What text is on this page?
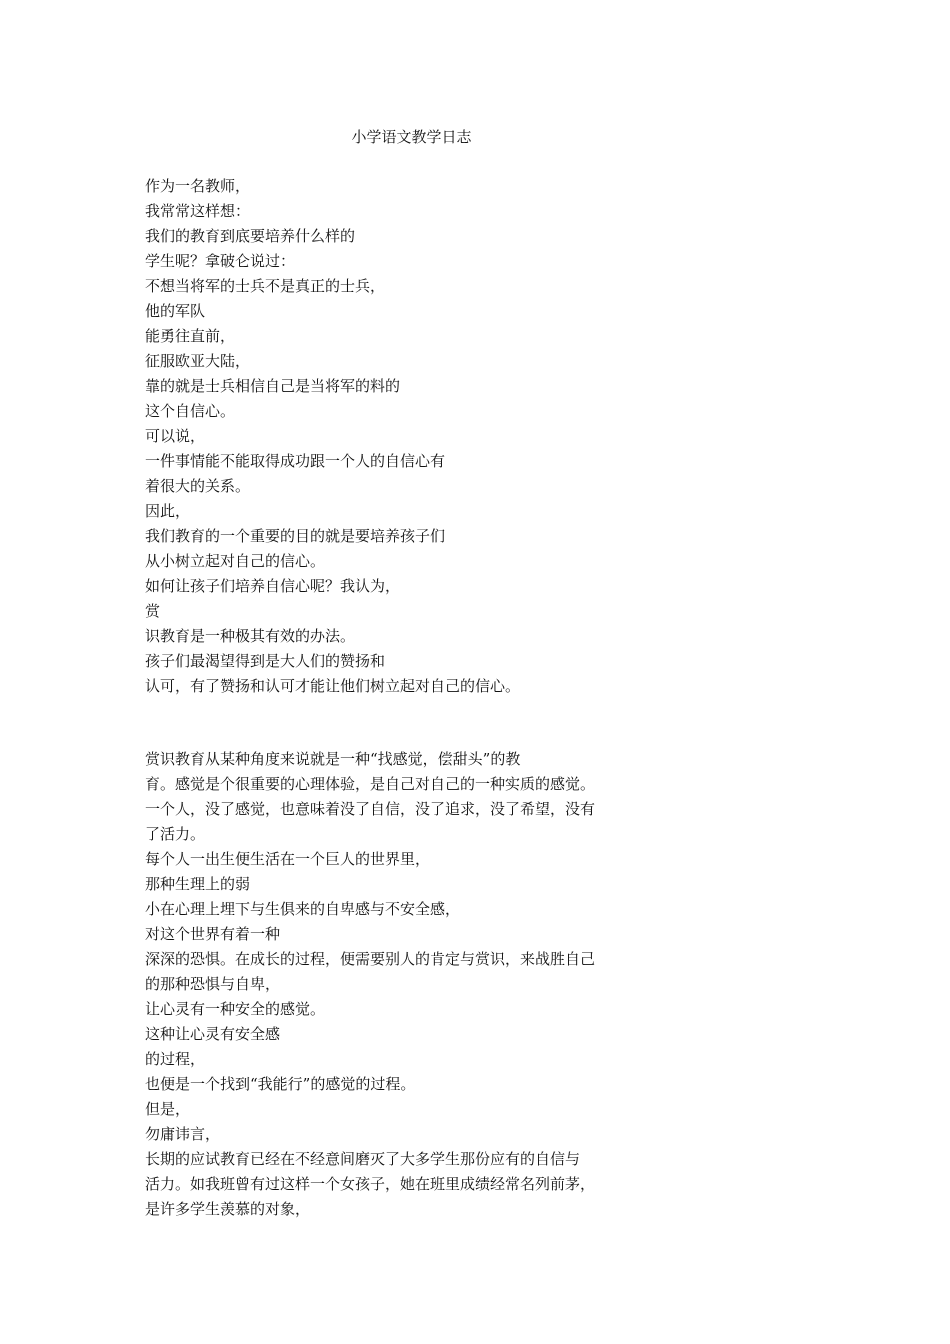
小学语文教学日志
作为一名教师，
我常常这样想：
我们的教育到底要培养什么样的
学生呢？拿破仑说过：
不想当将军的士兵不是真正的士兵，
他的军队
能勇往直前，
征服欧亚大陆，
靠的就是士兵相信自己是当将军的料的
这个自信心。
可以说，
一件事情能不能取得成功跟一个人的自信心有
着很大的关系。
因此，
我们教育的一个重要的目的就是要培养孩子们
从小树立起对自己的信心。
如何让孩子们培养自信心呢？我认为，
赏
识教育是一种极其有效的办法。
孩子们最渴望得到是大人们的赞扬和
认可，有了赞扬和认可才能让他们树立起对自己的信心。
赏识教育从某种角度来说就是一种“找感觉，偿甜头”的教
育。感觉是个很重要的心理体验，是自己对自己的一种实质的感觉。
一个人，没了感觉，也意味着没了自信，没了追求，没了希望，没有
了活力。
每个人一出生便生活在一个巨人的世界里，
那种生理上的弱
小在心理上埋下与生俱来的自卑感与不安全感，
对这个世界有着一种
深深的恐惧。在成长的过程，便需要别人的肯定与赏识，来战胜自己
的那种恐惧与自卑，
让心灵有一种安全的感觉。
这种让心灵有安全感
的过程，
也便是一个找到“我能行”的感觉的过程。
但是，
勿庸讳言，
长期的应试教育已经在不经意间磨灭了大多学生那份应有的自信与
活力。如我班曾有过这样一个女孩子，她在班里成绩经常名列前茅，
是许多学生羡慕的对象，
